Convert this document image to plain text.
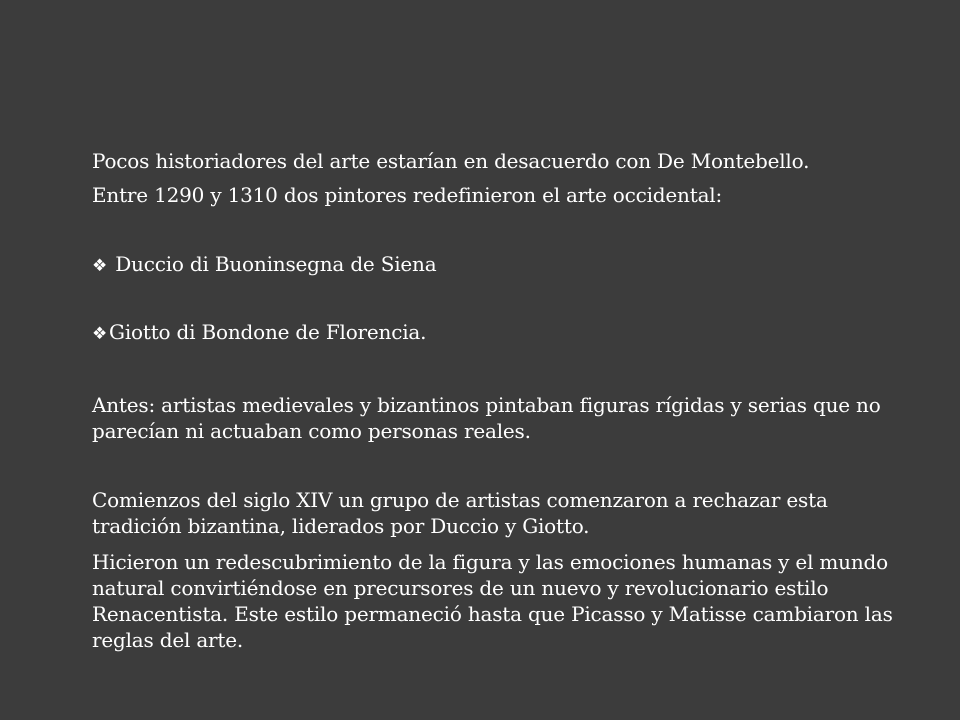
Pocos historiadores del arte estarían en desacuerdo con De Montebello.

Entre 1290 y 1310 dos pintores redefinieron el arte occidental:

❖ Duccio di Buoninsegna de Siena

❖ Giotto di Bondone de Florencia.

Antes: artistas medievales y bizantinos pintaban figuras rígidas y serias que no parecían ni actuaban como personas reales.

Comienzos del siglo XIV un grupo de artistas comenzaron a rechazar esta tradición bizantina, liderados por Duccio y Giotto.

Hicieron un redescubrimiento de la figura y las emociones humanas y el mundo natural convirtiéndose en precursores de un nuevo y revolucionario estilo Renacentista. Este estilo permaneció hasta que Picasso y Matisse cambiaron las reglas del arte.
